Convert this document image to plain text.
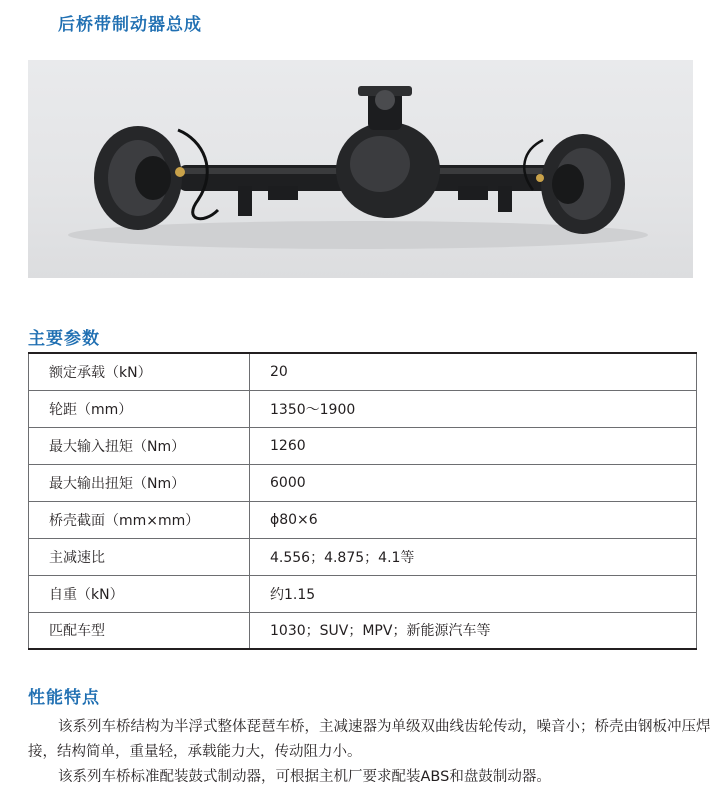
后桥带制动器总成
主要参数
额定承载（kN）	20
轮距（mm）	1350～1900
最大输入扭矩（Nm）	1260
最大输出扭矩（Nm）	6000
桥壳截面（mm×mm）	ϕ80×6
主减速比	4.556；4.875；4.1等
自重（kN）	约1.15
匹配车型	1030；SUV；MPV；新能源汽车等
性能特点
该系列车桥结构为半浮式整体琵琶车桥，主减速器为单级双曲线齿轮传动，噪音小；桥壳由钢板冲压焊接，结构简单，重量轻，承载能力大，传动阻力小。
该系列车桥标准配装鼓式制动器，可根据主机厂要求配装ABS和盘鼓制动器。
